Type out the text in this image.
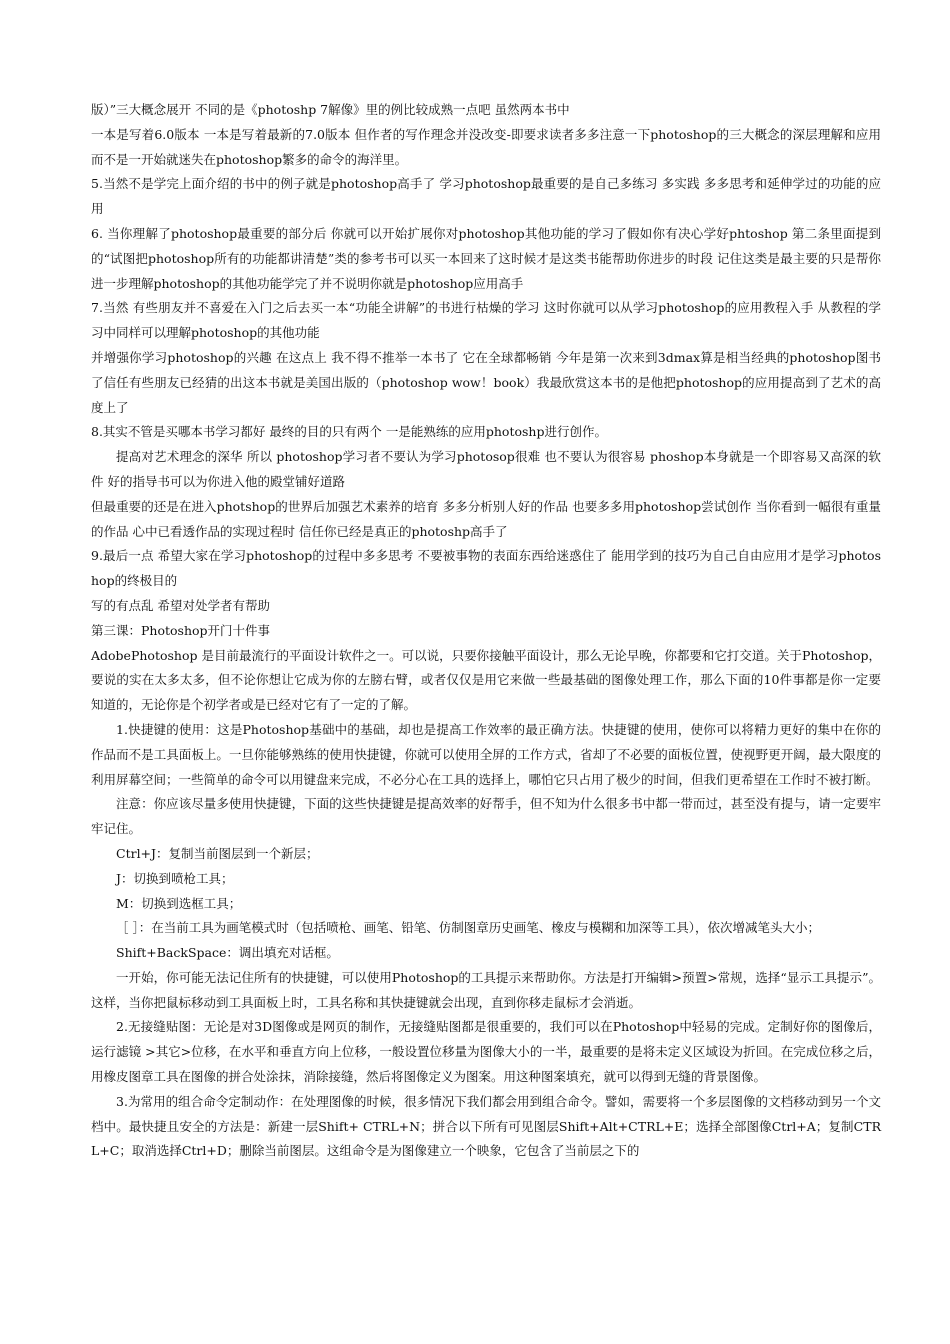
版）”三大概念展开 不同的是《photoshp 7解像》里的例比较成熟一点吧 虽然两本书中

一本是写着6.0版本 一本是写着最新的7.0版本 但作者的写作理念并没改变-即要求读者多多注意一下photoshop的三大概念的深层理解和应用 而不是一开始就迷失在photoshop繁多的命令的海洋里。

5.当然不是学完上面介绍的书中的例子就是photoshop高手了 学习photoshop最重要的是自己多练习 多实践 多多思考和延伸学过的功能的应用

6. 当你理解了photoshop最重要的部分后 你就可以开始扩展你对photoshop其他功能的学习了假如你有决心学好phtoshop 第二条里面提到的“试图把photoshop所有的功能都讲清楚”类的参考书可以买一本回来了这时候才是这类书能帮助你进步的时段 记住这类是最主要的只是帮你进一步理解photoshop的其他功能学完了并不说明你就是photoshop应用高手

7.当然 有些朋友并不喜爱在入门之后去买一本“功能全讲解”的书进行枯燥的学习 这时你就可以从学习photoshop的应用教程入手 从教程的学习中同样可以理解photoshop的其他功能

并增强你学习photoshop的兴趣 在这点上 我不得不推举一本书了 它在全球都畅销 今年是第一次来到3dmax算是相当经典的photoshop图书了信任有些朋友已经猜的出这本书就是美国出版的（photoshop wow！book）我最欣赏这本书的是他把photoshop的应用提高到了艺术的高度上了

8.其实不管是买哪本书学习都好 最终的目的只有两个 一是能熟练的应用photoshp进行创作。

提高对艺术理念的深华 所以 photoshop学习者不要认为学习photosop很难 也不要认为很容易 phoshop本身就是一个即容易又高深的软件 好的指导书可以为你进入他的殿堂铺好道路

但最重要的还是在进入photshop的世界后加强艺术素养的培育 多多分析别人好的作品 也要多多用photoshop尝试创作 当你看到一幅很有重量的作品 心中已看透作品的实现过程时 信任你已经是真正的photoshp高手了

9.最后一点 希望大家在学习photoshop的过程中多多思考 不要被事物的表面东西给迷惑住了 能用学到的技巧为自己自由应用才是学习photoshop的终极目的

写的有点乱 希望对处学者有帮助

第三课：Photoshop开门十件事

AdobePhotoshop 是目前最流行的平面设计软件之一。可以说，只要你接触平面设计，那么无论早晚，你都要和它打交道。关于Photoshop，要说的实在太多太多，但不论你想让它成为你的左膀右臂，或者仅仅是用它来做一些最基础的图像处理工作，那么下面的10件事都是你一定要知道的，无论你是个初学者或是已经对它有了一定的了解。

1.快捷键的使用：这是Photoshop基础中的基础，却也是提高工作效率的最正确方法。快捷键的使用，使你可以将精力更好的集中在你的作品而不是工具面板上。一旦你能够熟练的使用快捷键，你就可以使用全屏的工作方式，省却了不必要的面板位置，使视野更开阔，最大限度的利用屏幕空间；一些简单的命令可以用键盘来完成，不必分心在工具的选择上，哪怕它只占用了极少的时间，但我们更希望在工作时不被打断。

注意：你应该尽量多使用快捷键，下面的这些快捷键是提高效率的好帮手，但不知为什么很多书中都一带而过，甚至没有提与，请一定要牢牢记住。

Ctrl+J：复制当前图层到一个新层；

J：切换到喷枪工具；

M：切换到选框工具；

［ ］：在当前工具为画笔模式时（包括喷枪、画笔、铅笔、仿制图章历史画笔、橡皮与模糊和加深等工具），依次增减笔头大小；

Shift+BackSpace：调出填充对话框。

一开始，你可能无法记住所有的快捷键，可以使用Photoshop的工具提示来帮助你。方法是打开编辑>预置>常规，选择“显示工具提示”。这样，当你把鼠标移动到工具面板上时，工具名称和其快捷键就会出现，直到你移走鼠标才会消逝。

2.无接缝贴图：无论是对3D图像或是网页的制作，无接缝贴图都是很重要的，我们可以在Photoshop中轻易的完成。定制好你的图像后，运行滤镜 >其它>位移，在水平和垂直方向上位移，一般设置位移量为图像大小的一半，最重要的是将未定义区域设为折回。在完成位移之后，用橡皮图章工具在图像的拼合处涂抹，消除接缝，然后将图像定义为图案。用这种图案填充，就可以得到无缝的背景图像。

3.为常用的组合命令定制动作：在处理图像的时候，很多情况下我们都会用到组合命令。譬如，需要将一个多层图像的文档移动到另一个文档中。最快捷且安全的方法是：新建一层Shift+ CTRL+N；拼合以下所有可见图层Shift+Alt+CTRL+E；选择全部图像Ctrl+A；复制CTRL+C；取消选择Ctrl+D；删除当前图层。这组命令是为图像建立一个映象，它包含了当前层之下的
